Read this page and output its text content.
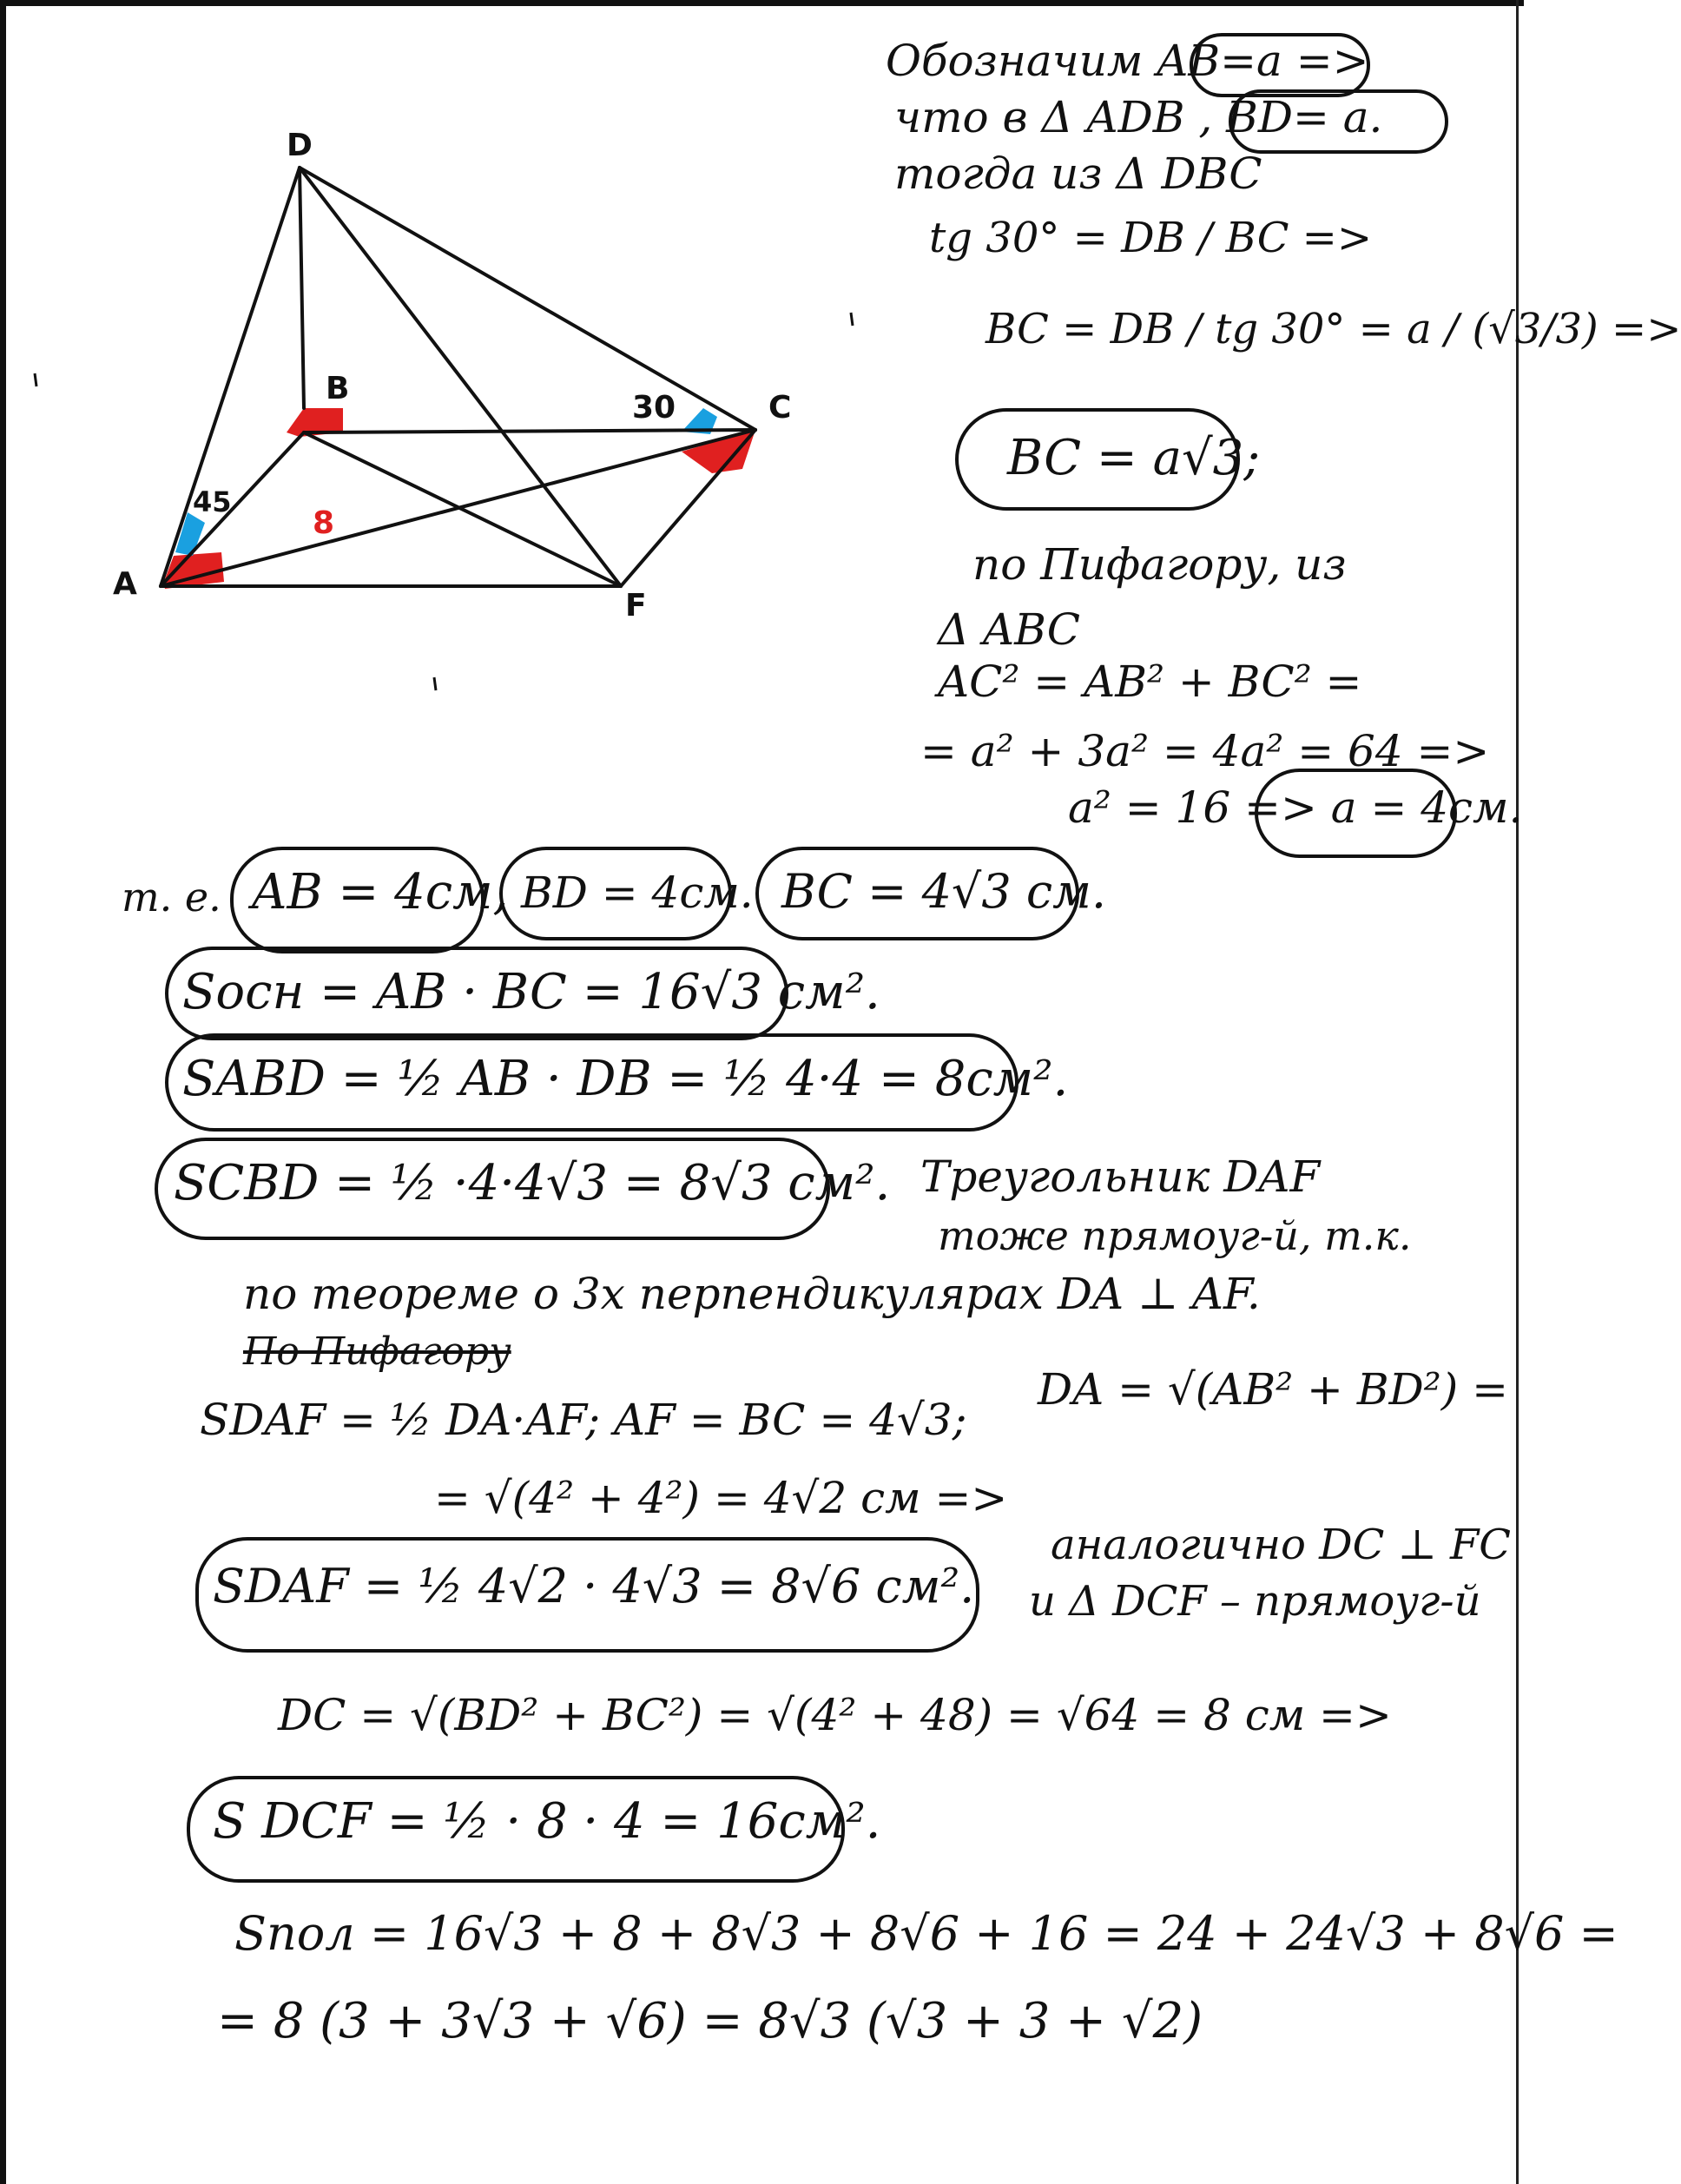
D
B
C
A
F
30
45
8
Обозначим AB=a =>
что в Δ ADB , BD= a.
тогда из Δ DBC
tg 30° = DB / BC =>
BC = DB / tg 30° = a / (√3/3) =>
BC = a√3;
по Пифагору, из
Δ ABC
AC² = AB² + BC² =
= a² + 3a² = 4a² = 64 =>
a² = 16 => a = 4см.
т. е. AB = 4см, BD = 4см. BC = 4√3 см.
Sосн = AB · BC = 16√3 см².
SABD = ½ AB · DB = ½ 4·4 = 8см².
SCBD = ½ ·4·4√3 = 8√3 см². Треугольник DAF
тоже прямоуг-й, т.к.
по теореме о 3х перпендикулярах DA ⊥ AF.
По Пифагору
SDAF = ½ DA·AF; AF = BC = 4√3;
DA = √(AB² + BD²) =
= √(4² + 4²) = 4√2 см =>
аналогично DC ⊥ FC
и Δ DCF – прямоуг-й
SDAF = ½ 4√2 · 4√3 = 8√6 см².
DC = √(BD² + BC²) = √(4² + 48) = √64 = 8 см =>
S DCF = ½ · 8 · 4 = 16см².
Sпол = 16√3 + 8 + 8√3 + 8√6 + 16 = 24 + 24√3 + 8√6 =
= 8 (3 + 3√3 + √6) = 8√3 (√3 + 3 + √2)
